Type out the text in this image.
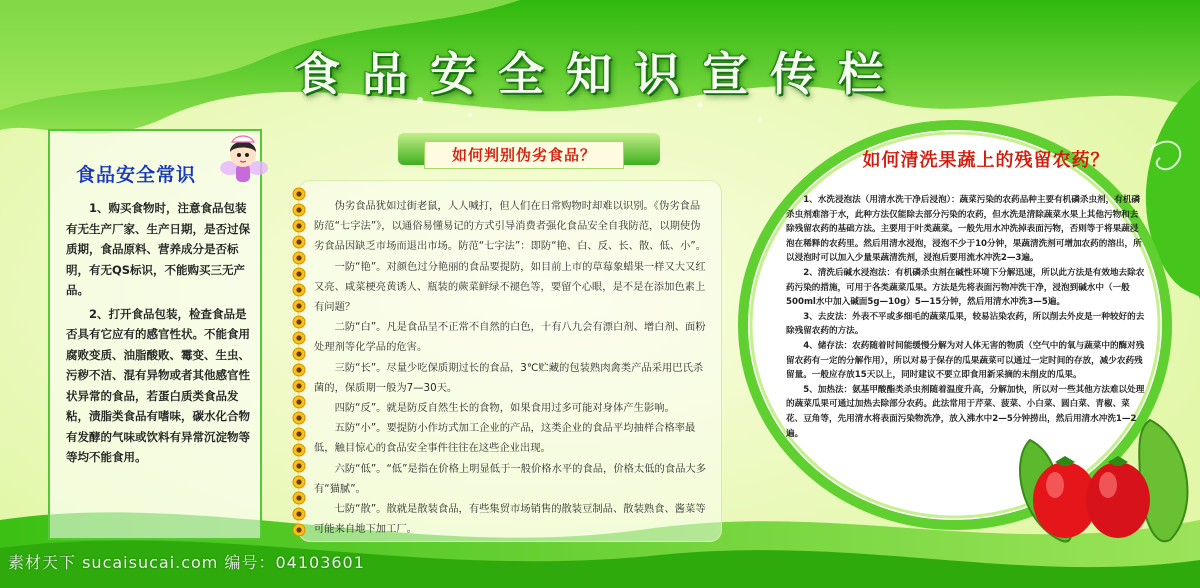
食品安全知识宣传栏
食品安全常识

1、购买食物时，注意食品包装有无生产厂家、生产日期，是否过保质期，食品原料、营养成分是否标明，有无QS标识，不能购买三无产品。

2、打开食品包装，检查食品是否具有它应有的感官性状。不能食用腐败变质、油脂酸败、霉变、生虫、污秽不洁、混有异物或者其他感官性状异常的食品，若蛋白质类食品发粘，渍脂类食品有嗜味，碳水化合物有发酵的气味或饮料有异常沉淀物等等均不能食用。

如何判别伪劣食品？

伪劣食品犹如过街老鼠，人人喊打，但人们在日常购物时却难以识别。《伪劣食品防范“七字法”》，以通俗易懂易记的方式引导消费者强化食品安全自我防范，以期使伪劣食品因缺乏市场而退出市场。防范“七字法”：即防“艳、白、反、长、散、低、小”。

一防“艳”。对颜色过分艳丽的食品要提防，如目前上市的草莓象蜡果一样又大又红又亮、咸菜梗亮黄诱人、瓶装的蕨菜鲜绿不褪色等，要留个心眼，是不是在添加色素上有问题？

二防“白”。凡是食品呈不正常不自然的白色，十有八九会有漂白剂、增白剂、面粉处理剂等化学品的危害。

三防“长”。尽量少吃保质期过长的食品，3℃贮藏的包装熟肉禽类产品采用巴氏杀菌的，保质期一般为7—30天。

四防“反”。就是防反自然生长的食物，如果食用过多可能对身体产生影响。

五防“小”。要提防小作坊式加工企业的产品，这类企业的食品平均抽样合格率最低，触目惊心的食品安全事件往往在这些企业出现。

六防“低”。“低”是指在价格上明显低于一般价格水平的食品，价格太低的食品大多有“猫腻”。

七防“散”。散就是散装食品，有些集贸市场销售的散装豆制品、散装熟食、酱菜等可能来自地下加工厂。

如何清洗果蔬上的残留农药？

1、水洗浸泡法（用清水洗干净后浸泡）：蔬菜污染的农药品种主要有机磷杀虫剂，有机磷杀虫剂难溶于水，此种方法仅能除去部分污染的农药，但水洗是清除蔬菜水果上其他污物和去除残留农药的基础方法。主要用于叶类蔬菜。一般先用水冲洗掉表面污物，否则等于将果蔬浸泡在稀释的农药里。然后用清水浸泡，浸泡不少于10分钟，果蔬清洗剂可增加农药的溶出，所以浸泡时可以加入少量果蔬清洗剂，浸泡后要用流水冲洗2—3遍。

2、清洗后碱水浸泡法：有机磷杀虫剂在碱性环境下分解迅速，所以此方法是有效地去除农药污染的措施，可用于各类蔬菜瓜果。方法是先将表面污物冲洗干净，浸泡到碱水中（一般500ml水中加入碱面5g—10g）5—15分钟，然后用清水冲洗3—5遍。

3、去皮法：外表不平或多细毛的蔬菜瓜果，较易沾染农药，所以削去外皮是一种较好的去除残留农药的方法。

4、储存法：农药随着时间能缓慢分解为对人体无害的物质（空气中的氧与蔬菜中的酶对残留农药有一定的分解作用），所以对易于保存的瓜果蔬菜可以通过一定时间的存放，减少农药残留量。一般应存放15天以上，同时建议不要立即食用新采摘的未削皮的瓜果。

5、加热法：氨基甲酸酯类杀虫剂随着温度升高，分解加快，所以对一些其他方法难以处理的蔬菜瓜果可通过加热去除部分农药。此法常用于芹菜、菠菜、小白菜、圆白菜、青椒、菜花、豆角等，先用清水将表面污染物洗净，放入沸水中2—5分钟捞出，然后用清水冲洗1—2遍。

素材天下 sucaisucai.com 编号：04103601
